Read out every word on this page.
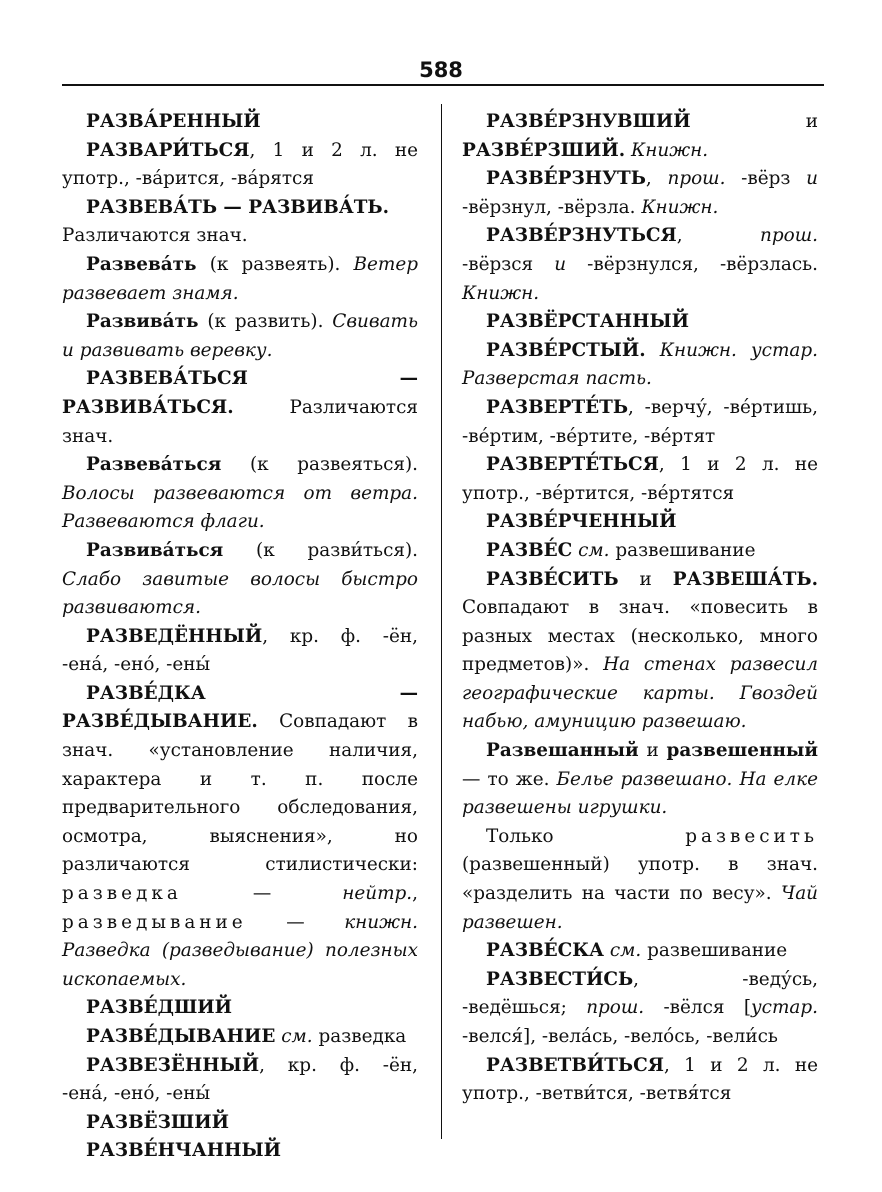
588

РАЗВА́РЕННЫЙ

РАЗВАРИ́ТЬСЯ, 1 и 2 л. не употр., -ва́рится, -ва́рятся

РАЗВЕВА́ТЬ — РАЗВИВА́ТЬ.

Различаются знач.

Развева́ть (к развеять). Ветер развевает знамя.

Развива́ть (к развить). Свивать и развивать веревку.

РАЗВЕВА́ТЬСЯ — РАЗВИВА́ТЬСЯ. Различаются знач.

Развева́ться (к развеяться). Волосы развеваются от ветра. Развеваются флаги.

Развива́ться (к разви́ться). Слабо завитые волосы быстро развиваются.

РАЗВЕДЁННЫЙ, кр. ф. -ён, -ена́, -ено́, -ены́

РАЗВЕ́ДКА — РАЗВЕ́ДЫВАНИЕ. Совпадают в знач. «установление наличия, характера и т. п. после предварительного обследования, осмотра, выяснения», но различаются стилистически: разведка — нейтр., разведывание — книжн. Разведка (разведывание) полезных ископаемых.

РАЗВЕ́ДШИЙ

РАЗВЕ́ДЫВАНИЕ см. разведка

РАЗВЕЗЁННЫЙ, кр. ф. -ён, -ена́, -ено́, -ены́

РАЗВЁЗШИЙ

РАЗВЕ́НЧАННЫЙ

РАЗВЕ́РЗНУВШИЙ и РАЗВЕ́РЗШИЙ. Книжн.

РАЗВЕ́РЗНУТЬ, прош. -вёрз и -вёрзнул, -вёрзла. Книжн.

РАЗВЕ́РЗНУТЬСЯ, прош. -вёрзся и -вёрзнулся, -вёрзлась. Книжн.

РАЗВЁРСТАННЫЙ

РАЗВЕ́РСТЫЙ. Книжн. устар. Разверстая пасть.

РАЗВЕРТЕ́ТЬ, -верчу́, -ве́ртишь, -ве́ртим, -ве́ртите, -ве́ртят

РАЗВЕРТЕ́ТЬСЯ, 1 и 2 л. не употр., -ве́ртится, -ве́ртятся

РАЗВЕ́РЧЕННЫЙ

РАЗВЕ́С см. развешивание

РАЗВЕ́СИТЬ и РАЗВЕША́ТЬ. Совпадают в знач. «повесить в разных местах (несколько, много предметов)». На стенах развесил географические карты. Гвоздей набью, амуницию развешаю.

Развешанный и развешенный — то же. Белье развешано. На елке развешены игрушки.

Только развесить (развешенный) употр. в знач. «разделить на части по весу». Чай развешен.

РАЗВЕ́СКА см. развешивание

РАЗВЕСТИ́СЬ, -веду́сь, -ведёшься; прош. -вёлся [устар. -велся́], -вела́сь, -вело́сь, -вели́сь

РАЗВЕТВИ́ТЬСЯ, 1 и 2 л. не употр., -ветви́тся, -ветвя́тся
